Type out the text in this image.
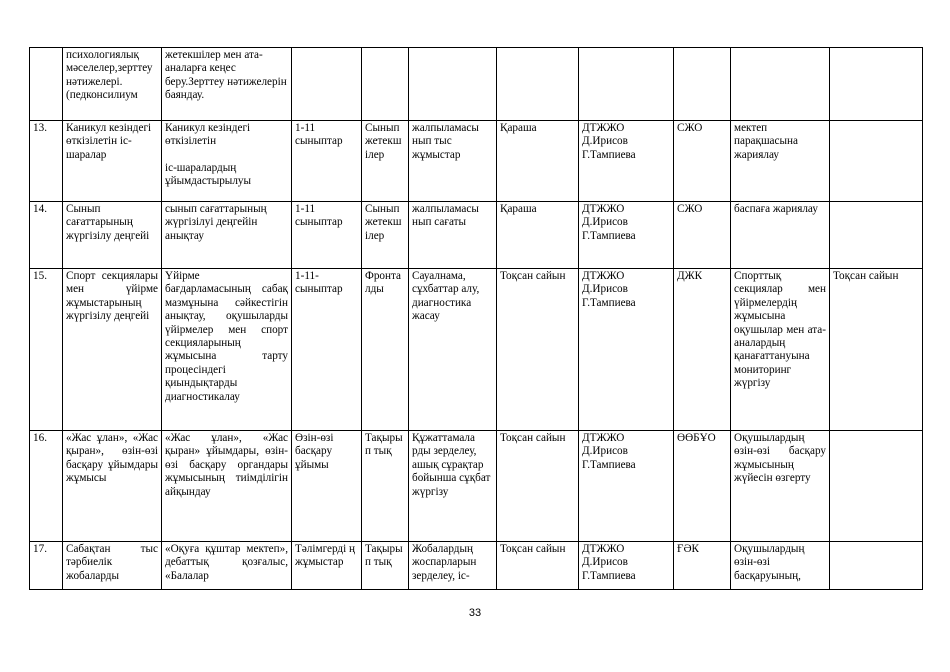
	психологиялық мәселелер,зерттеу нәтижелері. (педконсилиум	жетекшілер мен ата-аналарға кеңес беру.Зерттеу нәтижелерін баяндау.								
13.	Каникул кезіндегі өткізілетін іс-шаралар	Каникул кезіндегі өткізілетін
іс-шаралардың ұйымдастырылуы	1-11 сыныптар	Сынып жетекш ілер	жалпыламасы нып тыс жұмыстар	Қараша	ДТЖЖО Д.Ирисов Г.Тампиева	СЖО	мектеп парақшасына жариялау	
14.	Сынып сағаттарының жүргізілу деңгейі	сынып сағаттарының жүргізілуі деңгейін анықтау	1-11 сыныптар	Сынып жетекш ілер	жалпыламасы нып сағаты	Қараша	ДТЖЖО Д.Ирисов Г.Тампиева	СЖО	баспаға жариялау	
15.	Спорт секциялары мен үйірме жұмыстарының жүргізілу деңгейі	Үйірме бағдарламасының сабақ мазмұнына сәйкестігін анықтау, оқушыларды үйірмелер мен спорт секцияларының жұмысына тарту процесіндегі қиындықтарды диагностикалау	1-11-сыныптар	Фронта лды	Сауалнама, сұхбаттар алу, диагностика жасау	Тоқсан сайын	ДТЖЖО Д.Ирисов Г.Тампиева	ДЖК	Спорттық секциялар мен үйірмелердің жұмысына оқушылар мен ата- аналардың қанағаттануына мониторинг жүргізу	Тоқсан сайын
16.	«Жас ұлан», «Жас қыран», өзін-өзі басқару ұйымдары жұмысы	«Жас ұлан», «Жас қыран» ұйымдары, өзін-өзі басқару органдары жұмысының тиімділігін айқындау	Өзін-өзі басқару ұйымы	Тақыры п тық	Құжаттамала рды зерделеу, ашық сұрақтар бойынша сұқбат жүргізу	Тоқсан сайын	ДТЖЖО Д.Ирисов Г.Тампиева	ӨӨБҰО	Оқушылардың өзін-өзі басқару жұмысының жүйесін өзгерту	
17.	Сабақтан тыс тәрбиелік жобаларды	«Оқуға құштар мектеп», дебаттық қозғалыс, «Балалар	Тәлімгерді ң жұмыстар	Тақыры п тық	Жобалардың жоспарларын зерделеу, іс-	Тоқсан сайын	ДТЖЖО Д.Ирисов Г.Тампиева	ҒӘК	Оқушылардың өзін-өзі басқаруының,	
33
